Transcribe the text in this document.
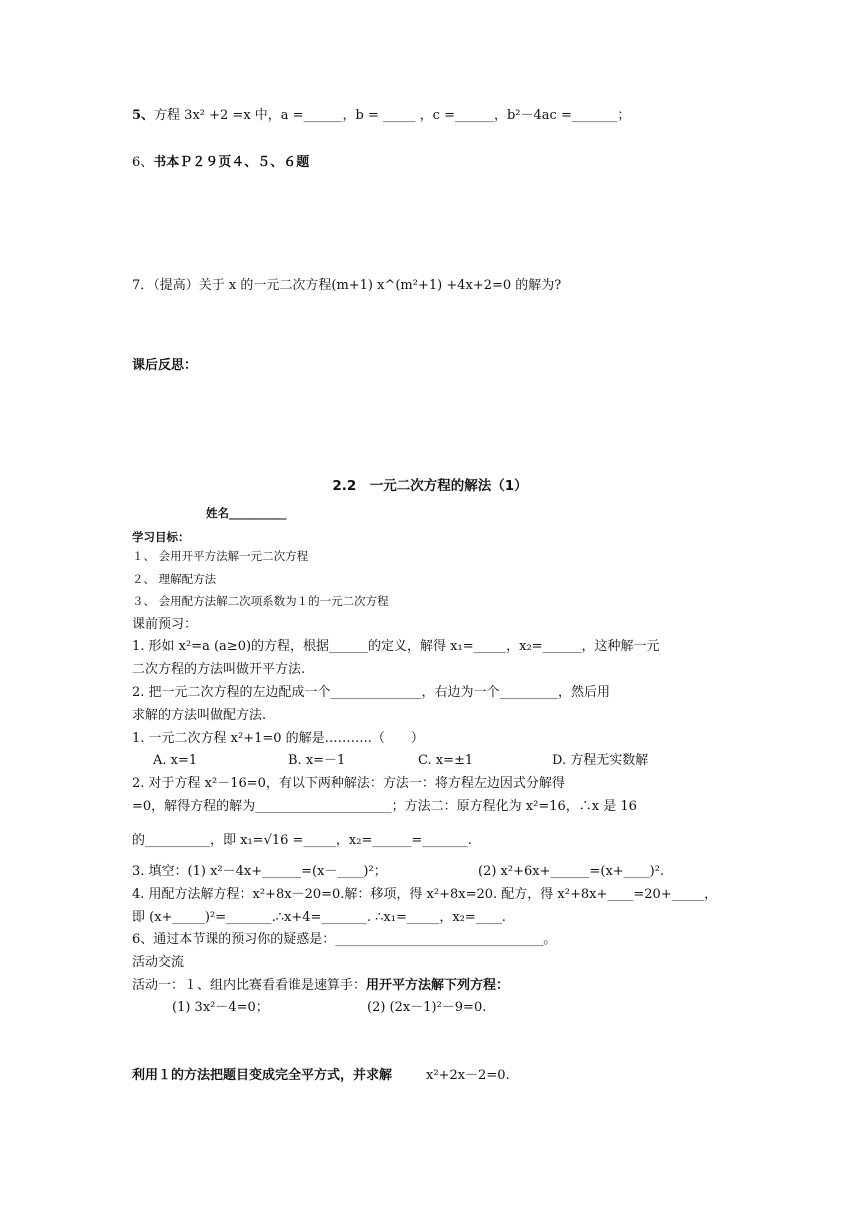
5、方程 3x² +2 =x 中，a =______，b = _____ ，c =______，b²－4ac =_______；
6、书本Ｐ２９页４、５、６题
7．（提高）关于 x 的一元二次方程(m+1) x^(m²+1) +4x+2=0 的解为?
课后反思：
2.2　一元二次方程的解法（1）
姓名__________
学习目标：
１、 会用开平方法解一元二次方程
２、 理解配方法
３、 会用配方法解二次项系数为１的一元二次方程
课前预习：
1. 形如 x²=a (a≥0)的方程，根据______的定义，解得 x₁=_____，x₂=______，这种解一元
二次方程的方法叫做开平方法.
2. 把一元二次方程的左边配成一个______________，右边为一个_________，然后用
求解的方法叫做配方法.
1. 一元二次方程 x²+1=0 的解是………..（　　）
A. x=1	B. x=－1	C. x=±1	D. 方程无实数解
2. 对于方程 x²－16=0，有以下两种解法：方法一：将方程左边因式分解得
=0，解得方程的解为_____________________；方法二：原方程化为 x²=16，∴x 是 16
的__________，即 x₁=√16 =_____，x₂=______=_______.
3. 填空：(1) x²－4x+______=(x－____)²；	(2) x²+6x+______=(x+____)².
4. 用配方法解方程：x²+8x－20=0.解：移项，得 x²+8x=20. 配方，得 x²+8x+____=20+_____，
即 (x+_____)²=_______.∴x+4=_______. ∴x₁=_____，x₂=____.
6、通过本节课的预习你的疑惑是：________________________________。
活动交流
活动一：１、组内比赛看看谁是速算手：用开平方法解下列方程：
(1) 3x²－4=0；	(2) (2x－1)²－9=0.
利用１的方法把题目变成完全平方式，并求解	x²+2x－2=0.
